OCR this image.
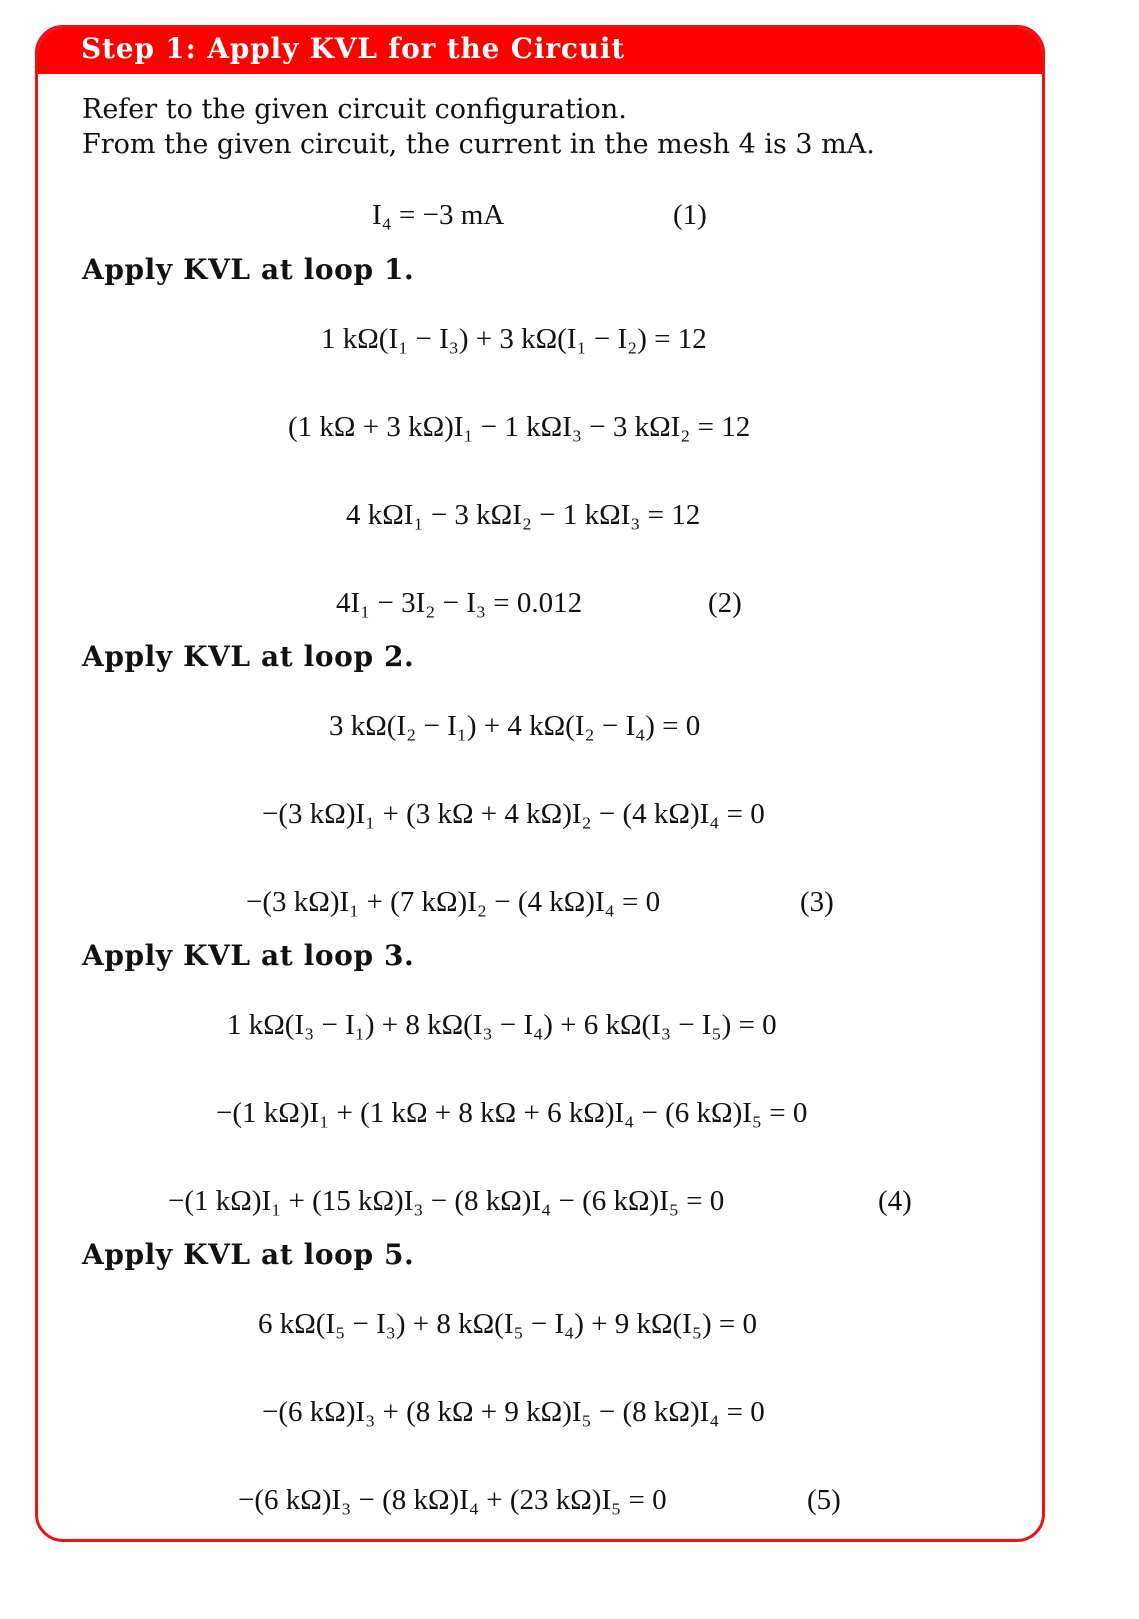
Step 1: Apply KVL for the Circuit
Refer to the given circuit configuration.
From the given circuit, the current in the mesh 4 is 3 mA.
I₄ = −3 mA	(1)
Apply KVL at loop 1.
1 kΩ(I₁ − I₃) + 3 kΩ(I₁ − I₂) = 12
(1 kΩ + 3 kΩ)I₁ − 1 kΩI₃ − 3 kΩI₂ = 12
4 kΩI₁ − 3 kΩI₂ − 1 kΩI₃ = 12
4I₁ − 3I₂ − I₃ = 0.012	(2)
Apply KVL at loop 2.
3 kΩ(I₂ − I₁) + 4 kΩ(I₂ − I₄) = 0
−(3 kΩ)I₁ + (3 kΩ + 4 kΩ)I₂ − (4 kΩ)I₄ = 0
−(3 kΩ)I₁ + (7 kΩ)I₂ − (4 kΩ)I₄ = 0	(3)
Apply KVL at loop 3.
1 kΩ(I₃ − I₁) + 8 kΩ(I₃ − I₄) + 6 kΩ(I₃ − I₅) = 0
−(1 kΩ)I₁ + (1 kΩ + 8 kΩ + 6 kΩ)I₄ − (6 kΩ)I₅ = 0
−(1 kΩ)I₁ + (15 kΩ)I₃ − (8 kΩ)I₄ − (6 kΩ)I₅ = 0	(4)
Apply KVL at loop 5.
6 kΩ(I₅ − I₃) + 8 kΩ(I₅ − I₄) + 9 kΩ(I₅) = 0
−(6 kΩ)I₃ + (8 kΩ + 9 kΩ)I₅ − (8 kΩ)I₄ = 0
−(6 kΩ)I₃ − (8 kΩ)I₄ + (23 kΩ)I₅ = 0	(5)
